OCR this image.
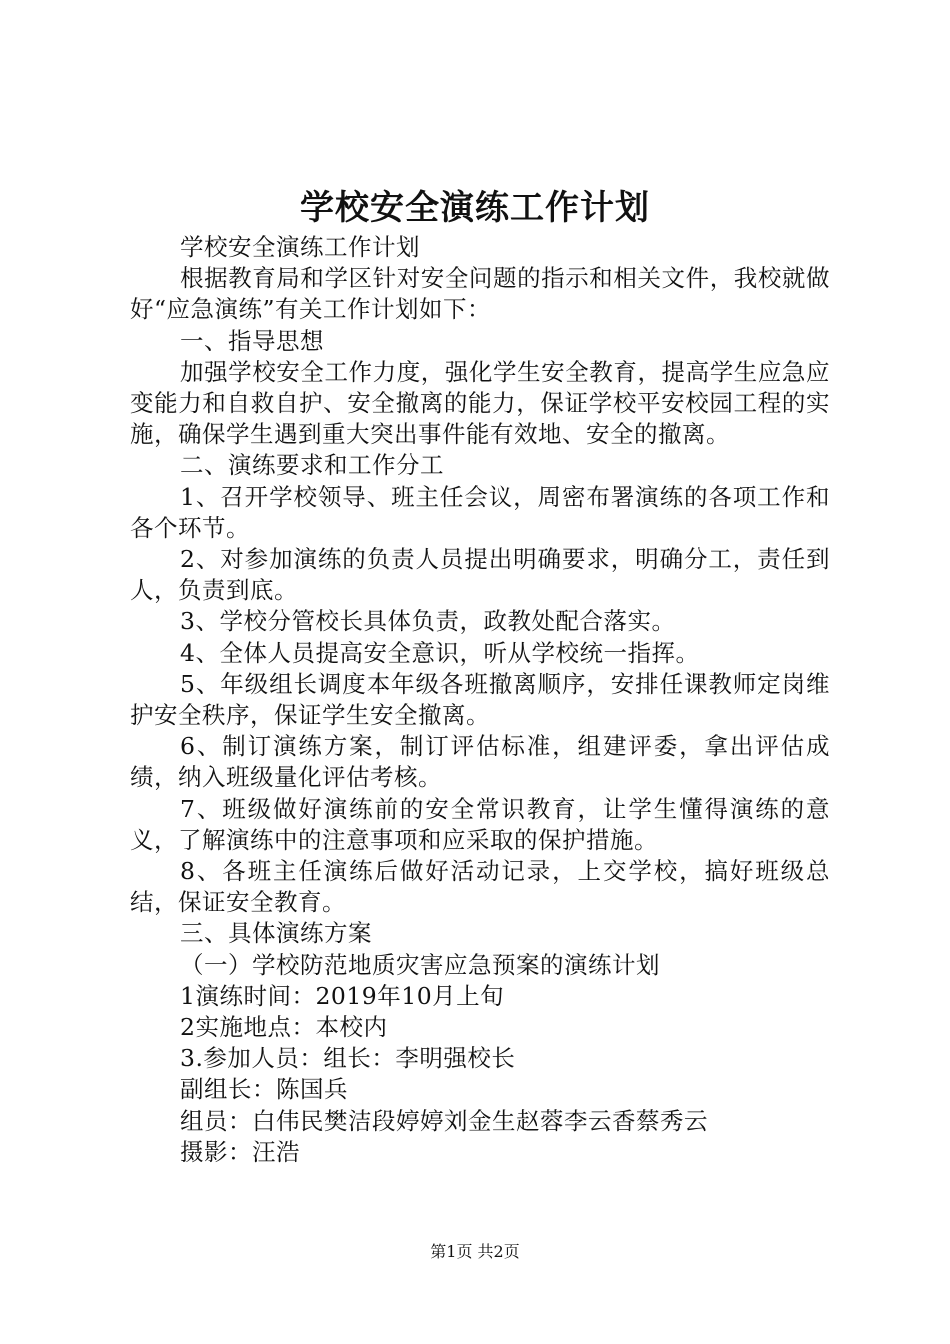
学校安全演练工作计划

学校安全演练工作计划

根据教育局和学区针对安全问题的指示和相关文件，我校就做好“应急演练”有关工作计划如下：

一、指导思想

加强学校安全工作力度，强化学生安全教育，提高学生应急应变能力和自救自护、安全撤离的能力，保证学校平安校园工程的实施，确保学生遇到重大突出事件能有效地、安全的撤离。

二、演练要求和工作分工

1、召开学校领导、班主任会议，周密布署演练的各项工作和各个环节。

2、对参加演练的负责人员提出明确要求，明确分工，责任到人，负责到底。

3、学校分管校长具体负责，政教处配合落实。

4、全体人员提高安全意识，听从学校统一指挥。

5、年级组长调度本年级各班撤离顺序，安排任课教师定岗维护安全秩序，保证学生安全撤离。

6、制订演练方案，制订评估标准，组建评委，拿出评估成绩，纳入班级量化评估考核。

7、班级做好演练前的安全常识教育，让学生懂得演练的意义，了解演练中的注意事项和应采取的保护措施。

8、各班主任演练后做好活动记录，上交学校，搞好班级总结，保证安全教育。

三、具体演练方案

（一）学校防范地质灾害应急预案的演练计划

1演练时间：2019年10月上旬

2实施地点：本校内

3.参加人员：组长：李明强校长

副组长：陈国兵

组员：白伟民樊洁段婷婷刘金生赵蓉李云香蔡秀云

摄影：汪浩

第1页 共2页
